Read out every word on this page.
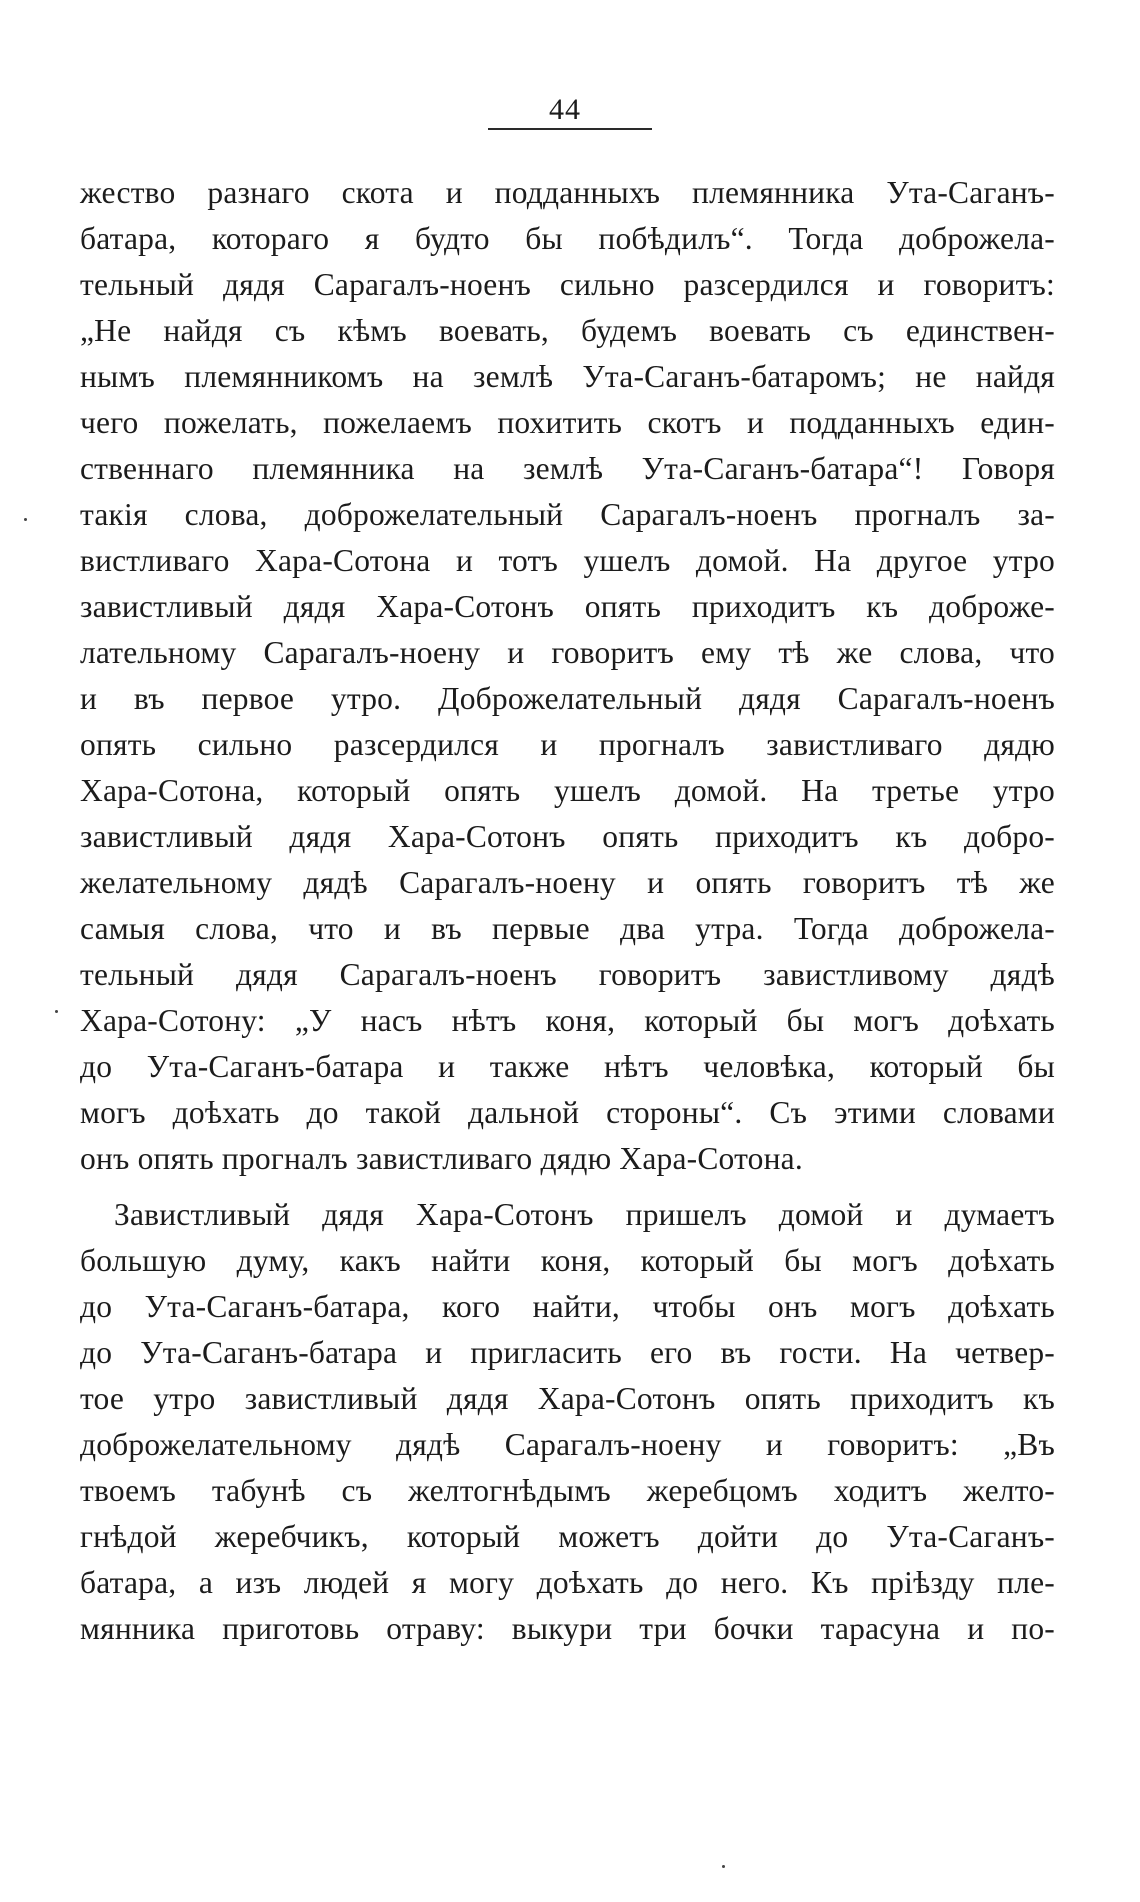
44
жество разнаго скота и подданныхъ племянника Ута-Саганъ-
батара, котораго я будто бы побѣдилъ“. Тогда доброжела-
тельный дядя Сарагалъ-ноенъ сильно разсердился и говоритъ:
„Не найдя съ кѣмъ воевать, будемъ воевать съ единствен-
нымъ племянникомъ на землѣ Ута-Саганъ-батаромъ; не найдя
чего пожелать, пожелаемъ похитить скотъ и подданныхъ един-
ственнаго племянника на землѣ Ута-Саганъ-батара“! Говоря
такія слова, доброжелательный Сарагалъ-ноенъ прогналъ за-
вистливаго Хара-Сотона и тотъ ушелъ домой. На другое утро
завистливый дядя Хара-Сотонъ опять приходитъ къ доброже-
лательному Сарагалъ-ноену и говоритъ ему тѣ же слова, что
и въ первое утро. Доброжелательный дядя Сарагалъ-ноенъ
опять сильно разсердился и прогналъ завистливаго дядю
Хара-Сотона, который опять ушелъ домой. На третье утро
завистливый дядя Хара-Сотонъ опять приходитъ къ добро-
желательному дядѣ Сарагалъ-ноену и опять говоритъ тѣ же
самыя слова, что и въ первые два утра. Тогда доброжела-
тельный дядя Сарагалъ-ноенъ говоритъ завистливому дядѣ
Хара-Сотону: „У насъ нѣтъ коня, который бы могъ доѣхать
до Ута-Саганъ-батара и также нѣтъ человѣка, который бы
могъ доѣхать до такой дальной стороны“. Съ этими словами
онъ опять прогналъ завистливаго дядю Хара-Сотона.
Завистливый дядя Хара-Сотонъ пришелъ домой и думаетъ
большую думу, какъ найти коня, который бы могъ доѣхать
до Ута-Саганъ-батара, кого найти, чтобы онъ могъ доѣхать
до Ута-Саганъ-батара и пригласить его въ гости. На четвер-
тое утро завистливый дядя Хара-Сотонъ опять приходитъ къ
доброжелательному дядѣ Сарагалъ-ноену и говоритъ: „Въ
твоемъ табунѣ съ желтогнѣдымъ жеребцомъ ходитъ желто-
гнѣдой жеребчикъ, который можетъ дойти до Ута-Саганъ-
батара, а изъ людей я могу доѣхать до него. Къ пріѣзду пле-
мянника приготовь отраву: выкури три бочки тарасуна и по-
